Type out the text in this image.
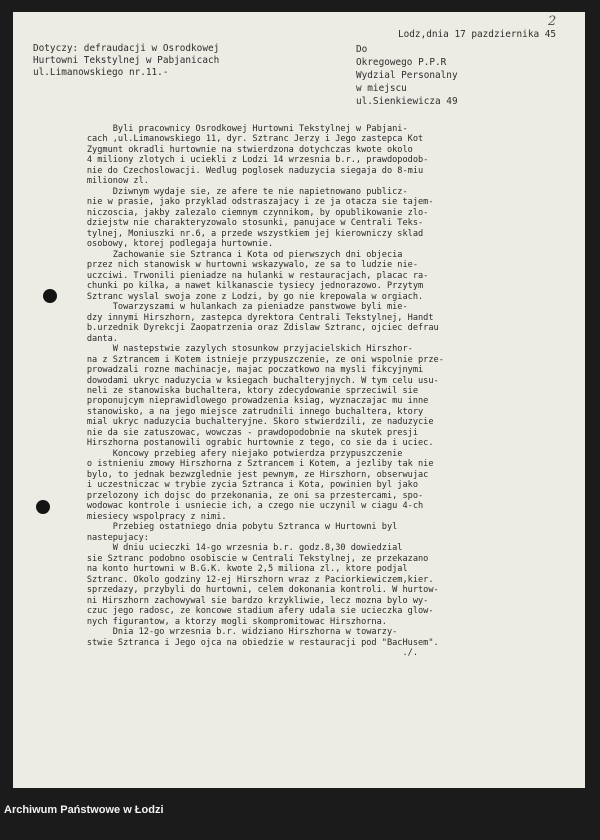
2
Lodz,dnia 17 pazdziernika 45
Dotyczy: defraudacji w Osrodkowej
Hurtowni Tekstylnej w Pabjanicach
ul.Limanowskiego nr.11.-
Do
Okregowego P.P.R
Wydzial Personalny
w miejscu
ul.Sienkiewicza 49
Byli pracownicy Osrodkowej Hurtowni Tekstylnej w Pabjani-
cach ,ul.Limanowskiego 11, dyr. Sztranc Jerzy i Jego zastepca Kot
Zygmunt okradli hurtownie na stwierdzona dotychczas kwote okolo
4 miliony zlotych i uciekli z Lodzi 14 wrzesnia b.r., prawdopodob-
nie do Czechoslowacji. Wedlug poglosek naduzycia siegaja do 8-miu
milionow zl.
Dziwnym wydaje sie, ze afere te nie napietnowano publicz-
nie w prasie, jako przyklad odstraszajacy i ze ja otacza sie tajem-
niczoscia, jakby zalezalo ciemnym czynnikom, by opublikowanie zlo-
dziejstw nie charakteryzowalo stosunki, panujace w Centrali Teks-
tylnej, Moniuszki nr.6, a przede wszystkiem jej kierowniczy sklad
osobowy, ktorej podlegaja hurtownie.
Zachowanie sie Sztranca i Kota od pierwszych dni objecia
przez nich stanowisk w hurtowni wskazywalo, ze sa to ludzie nie-
uczciwi. Trwonili pieniadze na hulanki w restauracjach, placac ra-
chunki po kilka, a nawet kilkanascie tysiecy jednorazowo. Przytym
Sztranc wyslal swoja zone z Lodzi, by go nie krepowala w orgiach.
Towarzyszami w hulankach za pieniadze panstwowe byli mie-
dzy innymi Hirszhorn, zastepca dyrektora Centrali Tekstylnej, Handt
b.urzednik Dyrekcji Zaopatrzenia oraz Zdislaw Sztranc, ojciec defrau
danta.
W nastepstwie zazylych stosunkow przyjacielskich Hirszhor-
na z Sztrancem i Kotem istnieje przypuszczenie, ze oni wspolnie prze-
prowadzali rozne machinacje, majac poczatkowo na mysli fikcyjnymi
dowodami ukryc naduzycia w ksiegach buchalteryjnych. W tym celu usu-
neli ze stanowiska buchaltera, ktory zdecydowanie sprzeciwil sie
proponujcym nieprawidlowego prowadzenia ksiag, wyznaczajac mu inne
stanowisko, a na jego miejsce zatrudnili innego buchaltera, ktory
mial ukryc naduzycia buchalteryjne. Skoro stwierdzili, ze naduzycie
nie da sie zatuszowac, wowczas - prawdopodobnie na skutek presji
Hirszhorna postanowili ograbic hurtownie z tego, co sie da i uciec.
Koncowy przebieg afery niejako potwierdza przypuszczenie
o istnieniu zmowy Hirszhorna z Sztrancem i Kotem, a jezliby tak nie
bylo, to jednak bezwzglednie jest pewnym, ze Hirszhorn, obserwujac
i uczestniczac w trybie zycia Sztranca i Kota, powinien byl jako
przelozony ich dojsc do przekonania, ze oni sa przestercami, spo-
wodowac kontrole i usniecie ich, a czego nie uczynil w ciagu 4-ch
miesiecy wspolpracy z nimi.
Przebieg ostatniego dnia pobytu Sztranca w Hurtowni byl
nastepujacy:
W dniu ucieczki 14-go wrzesnia b.r. godz.8,30 dowiedzial
sie Sztranc podobno osobiscie w Centrali Tekstylnej, ze przekazano
na konto hurtowni w B.G.K. kwote 2,5 miliona zl., ktore podjal
Sztranc. Okolo godziny 12-ej Hirszhorn wraz z Paciorkiewiczem,kier.
sprzedazy, przybyli do hurtowni, celem dokonania kontroli. W hurtow-
ni Hirszhorn zachowywal sie bardzo krzykliwie, lecz mozna bylo wy-
czuc jego radosc, ze koncowe stadium afery udala sie ucieczka glow-
nych figurantow, a ktorzy mogli skompromitowac Hirszhorna.
Dnia 12-go wrzesnia b.r. widziano Hirszhorna w towarzy-
stwie Sztranca i Jego ojca na obiedzie w restauracji pod "BacHusem".
./.
Archiwum Państwowe w Łodzi
